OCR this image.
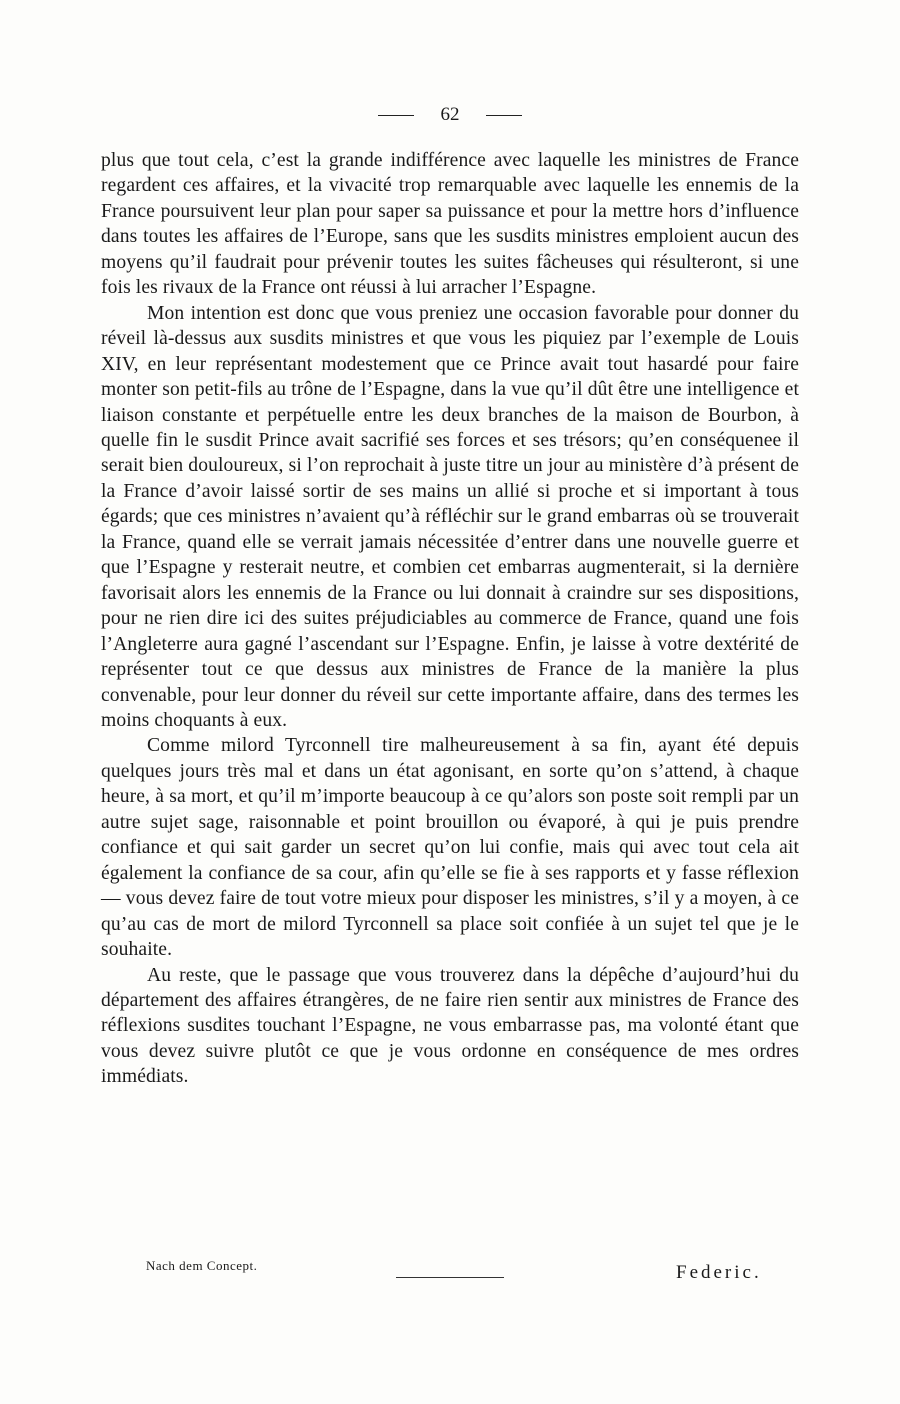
62

plus que tout cela, c’est la grande indifférence avec laquelle les ministres de France regardent ces affaires, et la vivacité trop remarquable avec laquelle les ennemis de la France poursuivent leur plan pour saper sa puissance et pour la mettre hors d’influence dans toutes les affaires de l’Europe, sans que les susdits ministres emploient aucun des moyens qu’il faudrait pour prévenir toutes les suites fâcheuses qui résulteront, si une fois les rivaux de la France ont réussi à lui arracher l’Espagne.

Mon intention est donc que vous preniez une occasion favorable pour donner du réveil là-dessus aux susdits ministres et que vous les piquiez par l’exemple de Louis XIV, en leur représentant modestement que ce Prince avait tout hasardé pour faire monter son petit-fils au trône de l’Espagne, dans la vue qu’il dût être une intelligence et liaison constante et perpétuelle entre les deux branches de la maison de Bourbon, à quelle fin le susdit Prince avait sacrifié ses forces et ses trésors; qu’en conséquenee il serait bien douloureux, si l’on reprochait à juste titre un jour au ministère d’à présent de la France d’avoir laissé sortir de ses mains un allié si proche et si important à tous égards; que ces ministres n’avaient qu’à réfléchir sur le grand embarras où se trouverait la France, quand elle se verrait jamais nécessitée d’entrer dans une nouvelle guerre et que l’Espagne y resterait neutre, et combien cet embarras augmenterait, si la dernière favorisait alors les ennemis de la France ou lui donnait à craindre sur ses dispositions, pour ne rien dire ici des suites préjudiciables au commerce de France, quand une fois l’Angleterre aura gagné l’ascendant sur l’Espagne. Enfin, je laisse à votre dextérité de représenter tout ce que dessus aux ministres de France de la manière la plus convenable, pour leur donner du réveil sur cette importante affaire, dans des termes les moins choquants à eux.

Comme milord Tyrconnell tire malheureusement à sa fin, ayant été depuis quelques jours très mal et dans un état agonisant, en sorte qu’on s’attend, à chaque heure, à sa mort, et qu’il m’importe beaucoup à ce qu’alors son poste soit rempli par un autre sujet sage, raisonnable et point brouillon ou évaporé, à qui je puis prendre confiance et qui sait garder un secret qu’on lui confie, mais qui avec tout cela ait également la confiance de sa cour, afin qu’elle se fie à ses rapports et y fasse réflexion — vous devez faire de tout votre mieux pour disposer les ministres, s’il y a moyen, à ce qu’au cas de mort de milord Tyrconnell sa place soit confiée à un sujet tel que je le souhaite.

Au reste, que le passage que vous trouverez dans la dépêche d’aujourd’hui du département des affaires étrangères, de ne faire rien sentir aux ministres de France des réflexions susdites touchant l’Espagne, ne vous embarrasse pas, ma volonté étant que vous devez suivre plutôt ce que je vous ordonne en conséquence de mes ordres immédiats.

Nach dem Concept.	Federic.
